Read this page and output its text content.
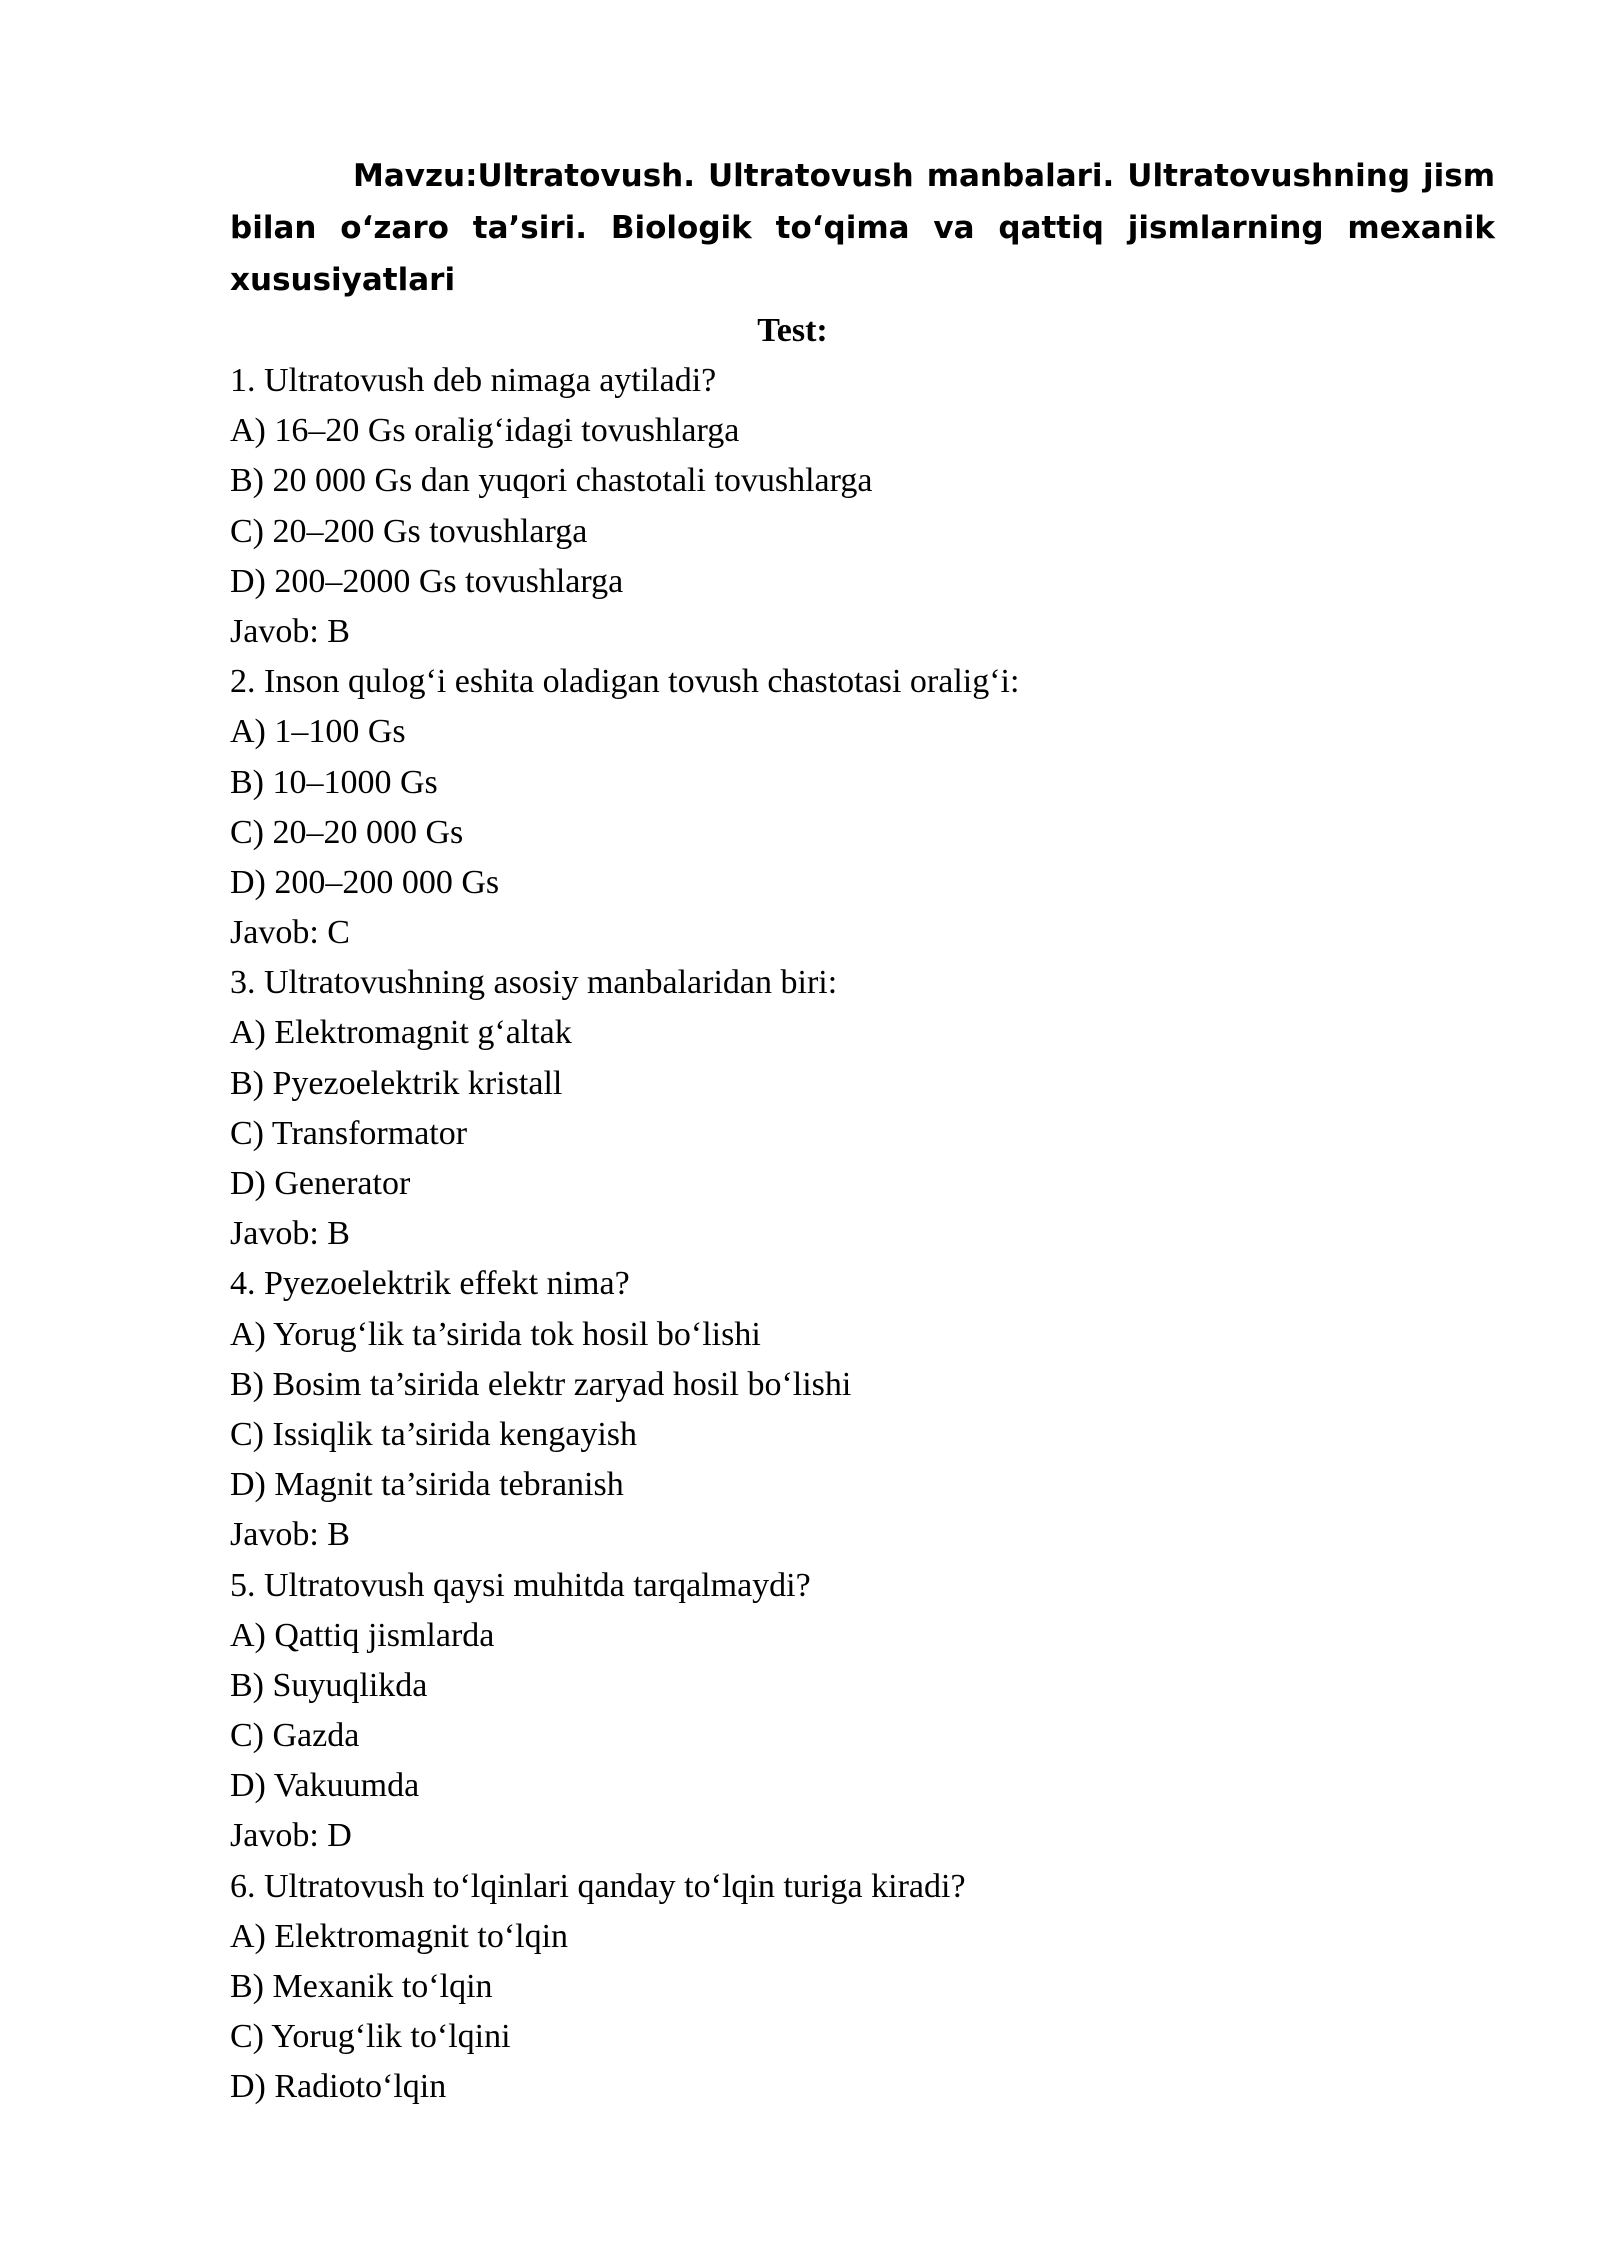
Mavzu:Ultratovush. Ultratovush manbalari. Ultratovushning jism bilan o‘zaro ta’siri. Biologik to‘qima va qattiq jismlarning mexanik xususiyatlari

Test:

1. Ultratovush deb nimaga aytiladi?
A) 16–20 Gs oralig‘idagi tovushlarga
B) 20 000 Gs dan yuqori chastotali tovushlarga
C) 20–200 Gs tovushlarga
D) 200–2000 Gs tovushlarga
Javob: B
2. Inson qulog‘i eshita oladigan tovush chastotasi oralig‘i:
A) 1–100 Gs
B) 10–1000 Gs
C) 20–20 000 Gs
D) 200–200 000 Gs
Javob: C
3. Ultratovushning asosiy manbalaridan biri:
A) Elektromagnit g‘altak
B) Pyezoelektrik kristall
C) Transformator
D) Generator
Javob: B
4. Pyezoelektrik effekt nima?
A) Yorug‘lik ta’sirida tok hosil bo‘lishi
B) Bosim ta’sirida elektr zaryad hosil bo‘lishi
C) Issiqlik ta’sirida kengayish
D) Magnit ta’sirida tebranish
Javob: B
5. Ultratovush qaysi muhitda tarqalmaydi?
A) Qattiq jismlarda
B) Suyuqlikda
C) Gazda
D) Vakuumda
Javob: D
6. Ultratovush to‘lqinlari qanday to‘lqin turiga kiradi?
A) Elektromagnit to‘lqin
B) Mexanik to‘lqin
C) Yorug‘lik to‘lqini
D) Radioto‘lqin
